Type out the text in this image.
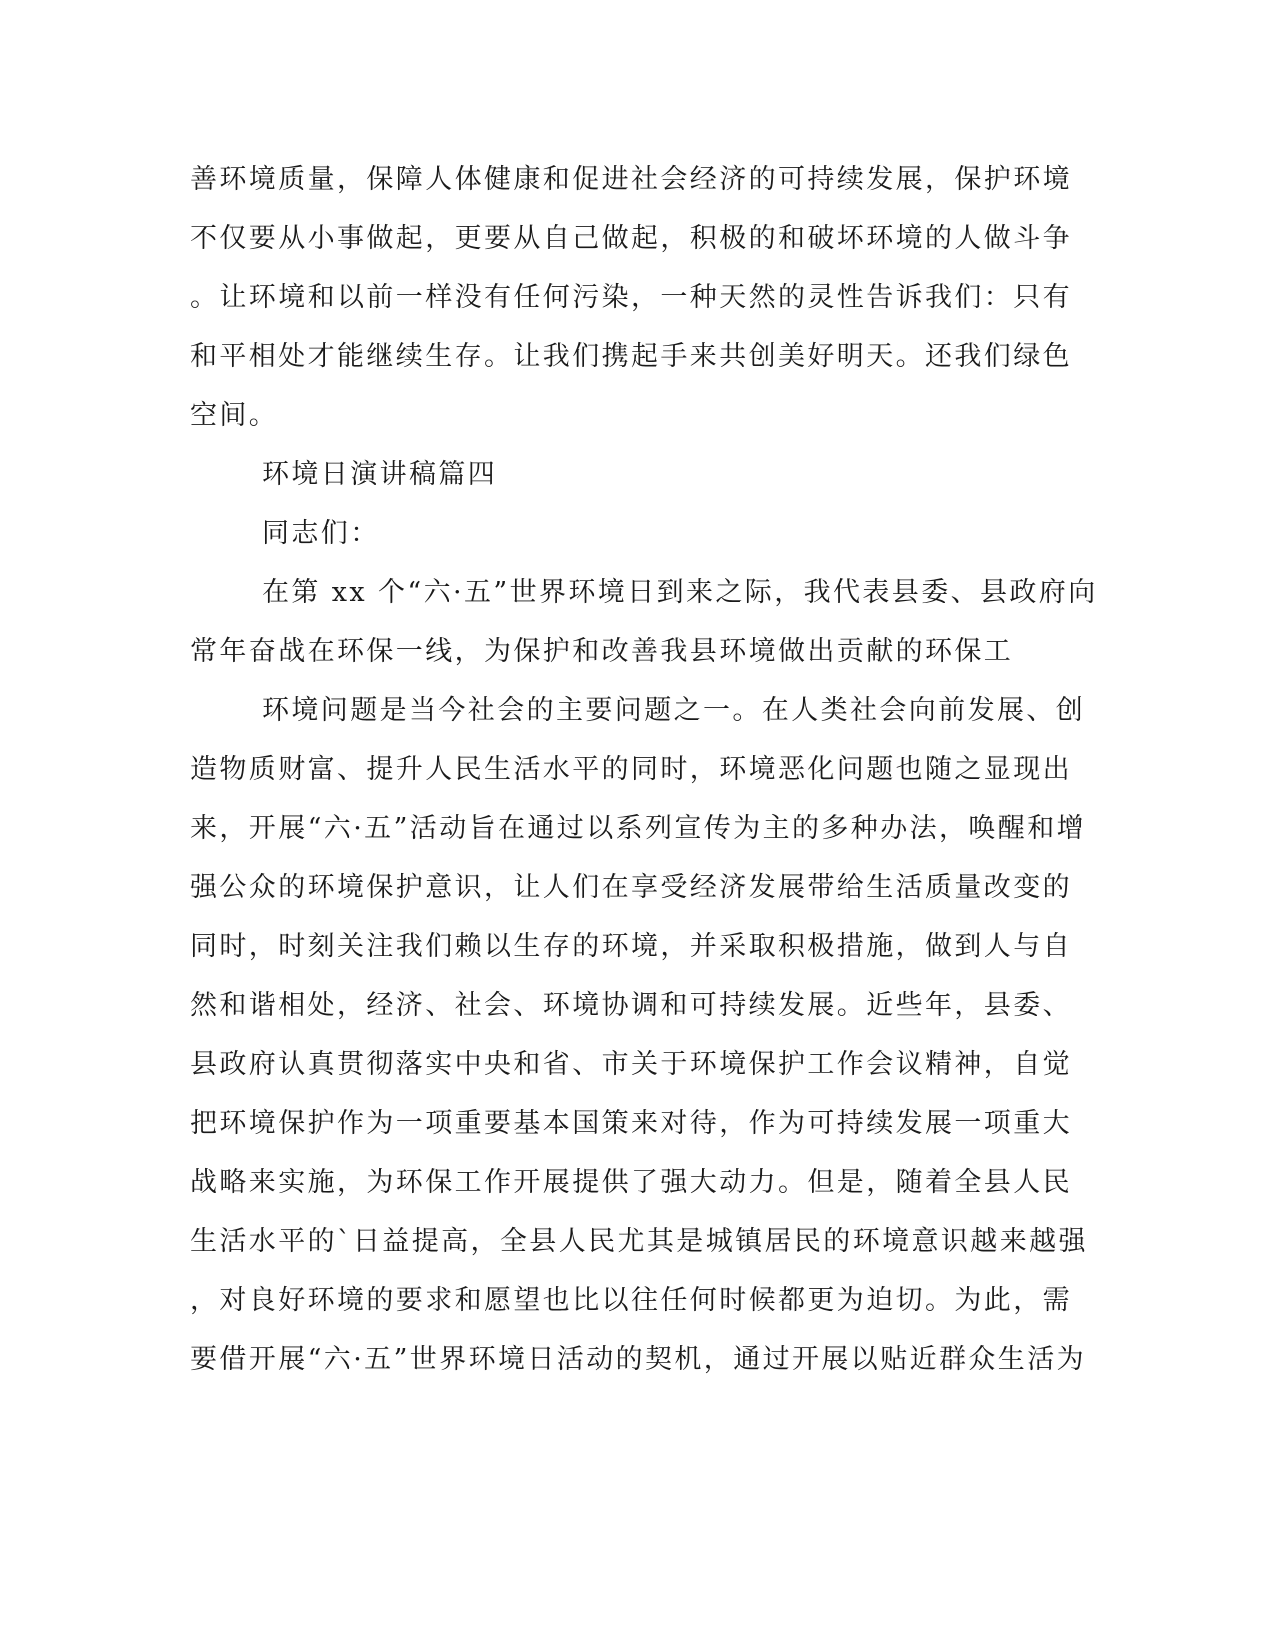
善环境质量，保障人体健康和促进社会经济的可持续发展，保护环境
不仅要从小事做起，更要从自己做起，积极的和破坏环境的人做斗争
。让环境和以前一样没有任何污染，一种天然的灵性告诉我们：只有
和平相处才能继续生存。让我们携起手来共创美好明天。还我们绿色
空间。
环境日演讲稿篇四
同志们：
在第 xx 个“六·五”世界环境日到来之际，我代表县委、县政府向
常年奋战在环保一线，为保护和改善我县环境做出贡献的环保工
环境问题是当今社会的主要问题之一。在人类社会向前发展、创
造物质财富、提升人民生活水平的同时，环境恶化问题也随之显现出
来，开展“六·五”活动旨在通过以系列宣传为主的多种办法，唤醒和增
强公众的环境保护意识，让人们在享受经济发展带给生活质量改变的
同时，时刻关注我们赖以生存的环境，并采取积极措施，做到人与自
然和谐相处，经济、社会、环境协调和可持续发展。近些年，县委、
县政府认真贯彻落实中央和省、市关于环境保护工作会议精神，自觉
把环境保护作为一项重要基本国策来对待，作为可持续发展一项重大
战略来实施，为环保工作开展提供了强大动力。但是，随着全县人民
生活水平的`日益提高，全县人民尤其是城镇居民的环境意识越来越强
，对良好环境的要求和愿望也比以往任何时候都更为迫切。为此，需
要借开展“六·五”世界环境日活动的契机，通过开展以贴近群众生活为
